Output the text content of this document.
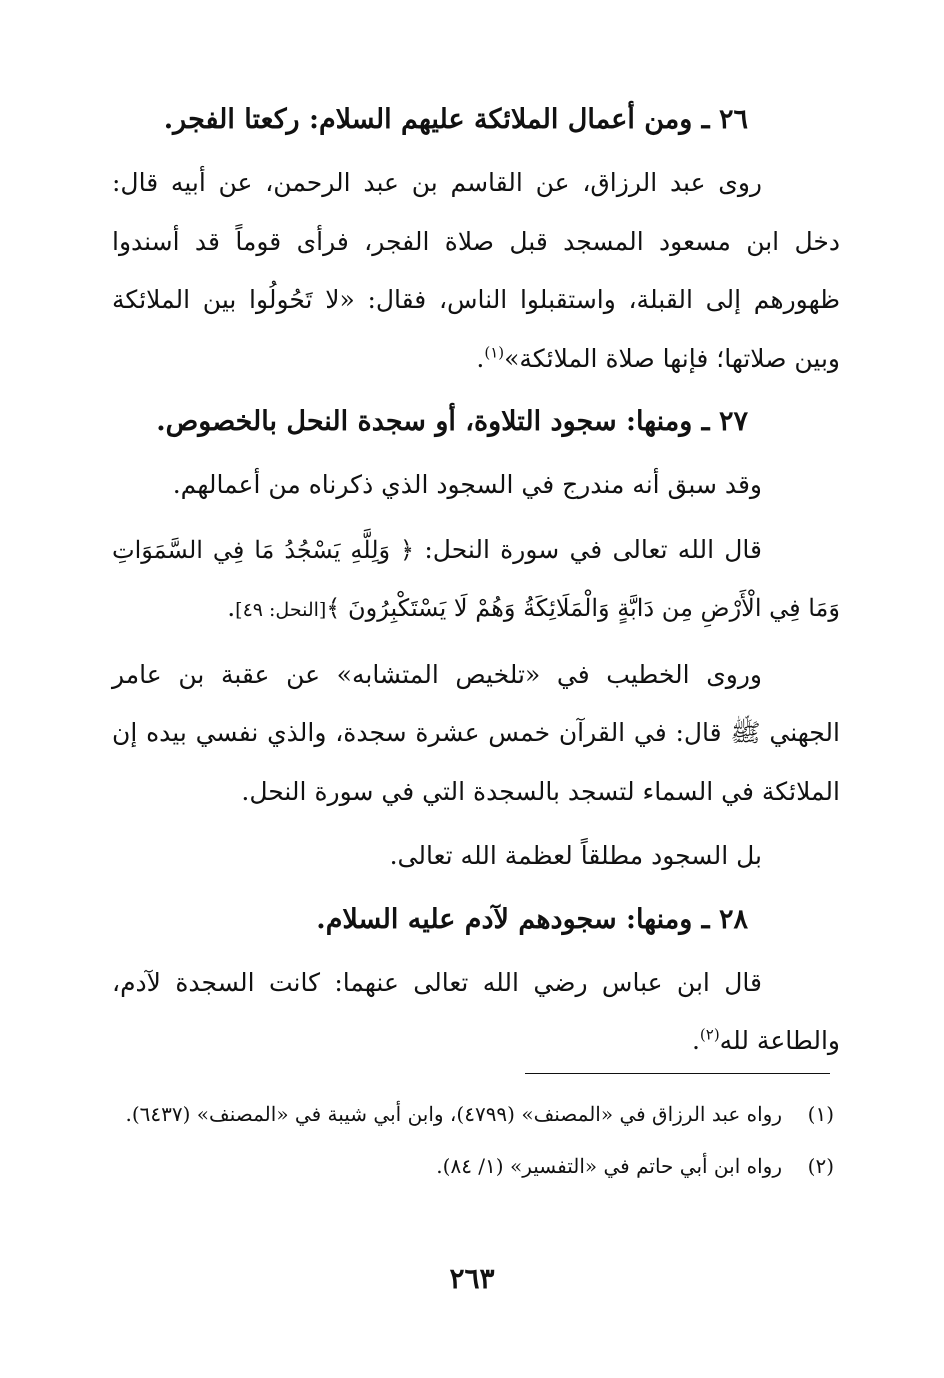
٢٦ ـ ومن أعمال الملائكة عليهم السلام: ركعتا الفجر.

روى عبد الرزاق، عن القاسم بن عبد الرحمن، عن أبيه قال: دخل ابن مسعود المسجد قبل صلاة الفجر، فرأى قوماً قد أسندوا ظهورهم إلى القبلة، واستقبلوا الناس، فقال: «لا تَحُولُوا بين الملائكة وبين صلاتها؛ فإنها صلاة الملائكة»$^{(١)}$.

٢٧ ـ ومنها: سجود التلاوة، أو سجدة النحل بالخصوص.

وقد سبق أنه مندرج في السجود الذي ذكرناه من أعمالهم.

قال الله تعالى في سورة النحل: ﴿ وَلِلَّهِ يَسْجُدُ مَا فِي السَّمَوَاتِ وَمَا فِي الْأَرْضِ مِن دَابَّةٍ وَالْمَلَائِكَةُ وَهُمْ لَا يَسْتَكْبِرُونَ ﴾[النحل: ٤٩].

وروى الخطيب في «تلخيص المتشابه» عن عقبة بن عامر الجهني ﷺ قال: في القرآن خمس عشرة سجدة، والذي نفسي بيده إن الملائكة في السماء لتسجد بالسجدة التي في سورة النحل.

بل السجود مطلقاً لعظمة الله تعالى.

٢٨ ـ ومنها: سجودهم لآدم عليه السلام.

قال ابن عباس رضي الله تعالى عنهما: كانت السجدة لآدم، والطاعة لله$^{(٢)}$.

(١)
رواه عبد الرزاق في «المصنف» (٤٧٩٩)، وابن أبي شيبة في «المصنف» (٦٤٣٧).
(٢)
رواه ابن أبي حاتم في «التفسير» (١/ ٨٤).
٢٦٣
